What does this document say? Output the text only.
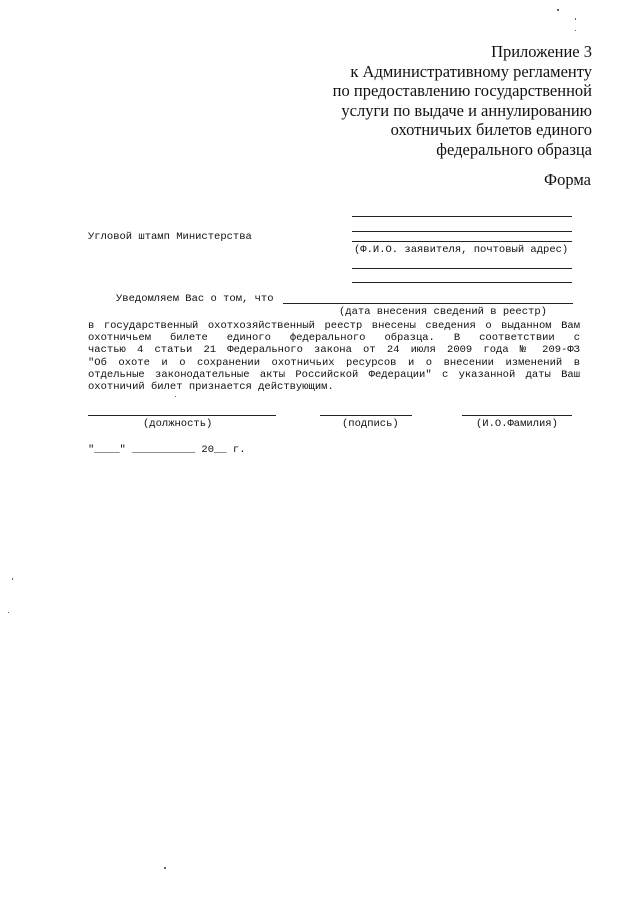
Приложение 3
к Административному регламенту
по предоставлению государственной
услуги по выдаче и аннулированию
охотничьих билетов единого
федерального образца
Форма
Угловой штамп Министерства
(Ф.И.О. заявителя, почтовый адрес)
Уведомляем Вас о том, что
(дата внесения сведений в реестр)
в государственный охотхозяйственный реестр внесены сведения о выданном Вам
охотничьем билете единого федерального образца. В соответствии с
частью 4 статьи 21 Федерального закона от 24 июля 2009 года № 209-ФЗ
"Об охоте и о сохранении охотничьих ресурсов и о внесении изменений в
отдельные законодательные акты Российской Федерации" с указанной даты Ваш
охотничий билет признается действующим.
(должность)	(подпись)	(И.О.Фамилия)
"____" __________ 20__ г.
